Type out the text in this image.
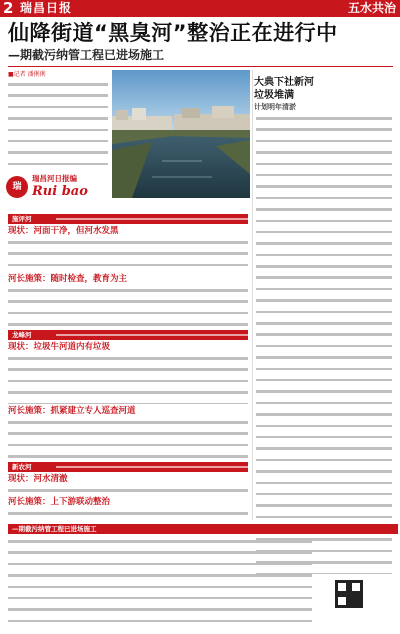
2 瑞昌日报	五水共治
仙降街道“黑臭河”整治正在进行中
—期截污纳管工程已进场施工
■记者 潘俐俐
瑞
瑞昌河日报编
Rui bao
大典下社新河
垃圾堆满
计划明年清淤
施评河
现状：河面干净，但河水发黑
河长施策：随时检查，教育为主
龙峰河
现状：垃圾牛河道内有垃圾
河长施策：抓紧建立专人巡查河道
新农河
现状：河水清澈
河长施策：上下游联动整治
—期截污纳管工程已进场施工
